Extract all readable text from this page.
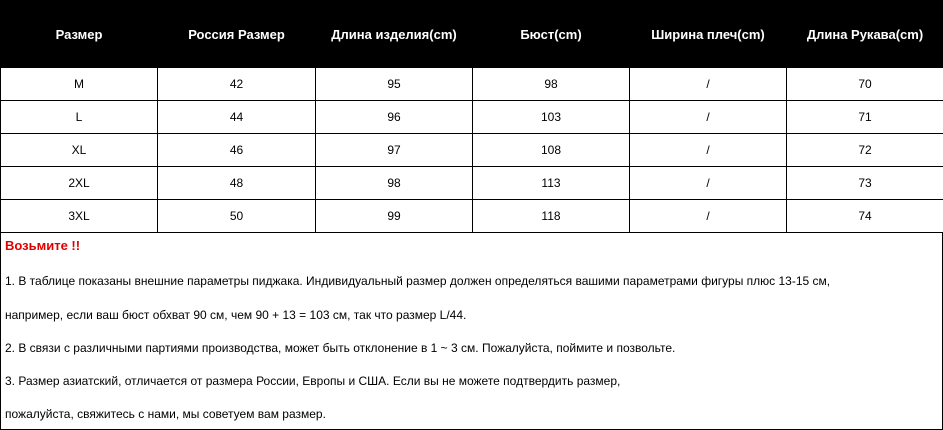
Размер	Россия Размер	Длина изделия(cm)	Бюст(cm)	Ширина плеч(cm)	Длина Рукава(cm)
M	42	95	98	/	70
L	44	96	103	/	71
XL	46	97	108	/	72
2XL	48	98	113	/	73
3XL	50	99	118	/	74
Возьмите !!
1. В таблице показаны внешние параметры пиджака. Индивидуальный размер должен определяться вашими параметрами фигуры плюс 13-15 см,
например, если ваш бюст обхват 90 см, чем 90 + 13 = 103 см, так что размер L/44.
2. В связи с различными партиями производства, может быть отклонение в 1 ~ 3 см. Пожалуйста, поймите и позвольте.
3. Размер азиатский, отличается от размера России, Европы и США. Если вы не можете подтвердить размер,
пожалуйста, свяжитесь с нами, мы советуем вам размер.
